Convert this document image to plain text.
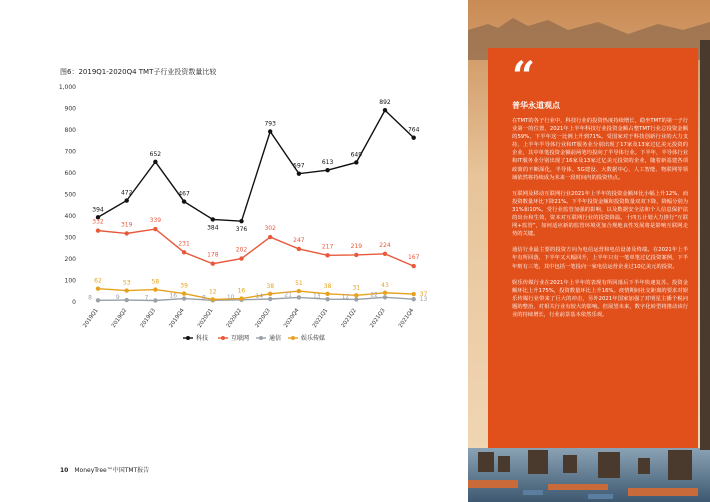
图6：2019Q1-2020Q4 TMT子行业投资数量比较
0
100
200
300
400
500
600
700
800
900
1,000
2019Q1 2019Q2 2019Q3 2019Q4 2020Q1 2020Q2 2020Q3 2020Q4 2021Q1 2021Q2 2021Q3 2021Q4
394
472
652
467
384	376
793
597	613
649
892
764
332	319
339
231
178
202
302
247
217	219	224
167
8	9	7	16	8	10	14	21	13	12	22
13
62	53	58
39
12	16
38	51	38	31	43
37
科技	互联网	通信	娱乐传媒
10 MoneyTree™中国TMT报告
“
普华永道观点

在TMT的各子行业中，科技行业的投资热度持续增长，稳坐TMT的第一子行业第一的位置，2021年上半年科技行业投资金额占整TMT行业总投资金额的59%，下半年这一比例上升到71%。受国家对于科技创新行业的大力支持，上半年半导体行业和IT服务业分别出现了17家及13家过亿美元投资的企业，其中单笔投资金额前两笔均投向了半导体行业。下半年，半导体行业和IT服务业分别出现了16家及13家过亿美元投资的企业，随着新基建各项政策的不断深化，半导体、5G建设、大数据中心、人工智能、物联网等领域依然将持续成为未来一段时间内的投资热点。

互联网及移动互联网行业2021年上半年的投资金额环比小幅上升12%，而投资数量环比下降21%。下半年投资金额和投资数量双双下降，降幅分别为31%和10%。受行业监管加强的影响，以及数据安全法和个人信息保护法的出台和生效，资本对互联网行业的投资降温。十四五计划大力推行“互联网+监管”，如何适应新的监管环境更加合规地良性发展将是影响互联网走势的关键。

通信行业最主要的投资方向为电信运营和电信设备及终端。在2021年上半年有所回落，下半年又大幅回升，上半年只有一笔单笔过亿投资案例，下半年则有三笔，其中包括一笔投向一家电信运营企业过10亿美元的投资。

娱乐传媒行业在2021年上半年的表现有所回落后下半年快速复苏。投资金额环比上升175%，投资数量环比上升16%。疫情期间社交距离的要求对娱乐传媒行业带来了巨大的冲击，另外2021年国家加强了对明星主播个税问题的整治，对相关行业有较大的影响。但展望未来，数字化转型将推动该行业的持续增长，行业前景基本依然乐观。
